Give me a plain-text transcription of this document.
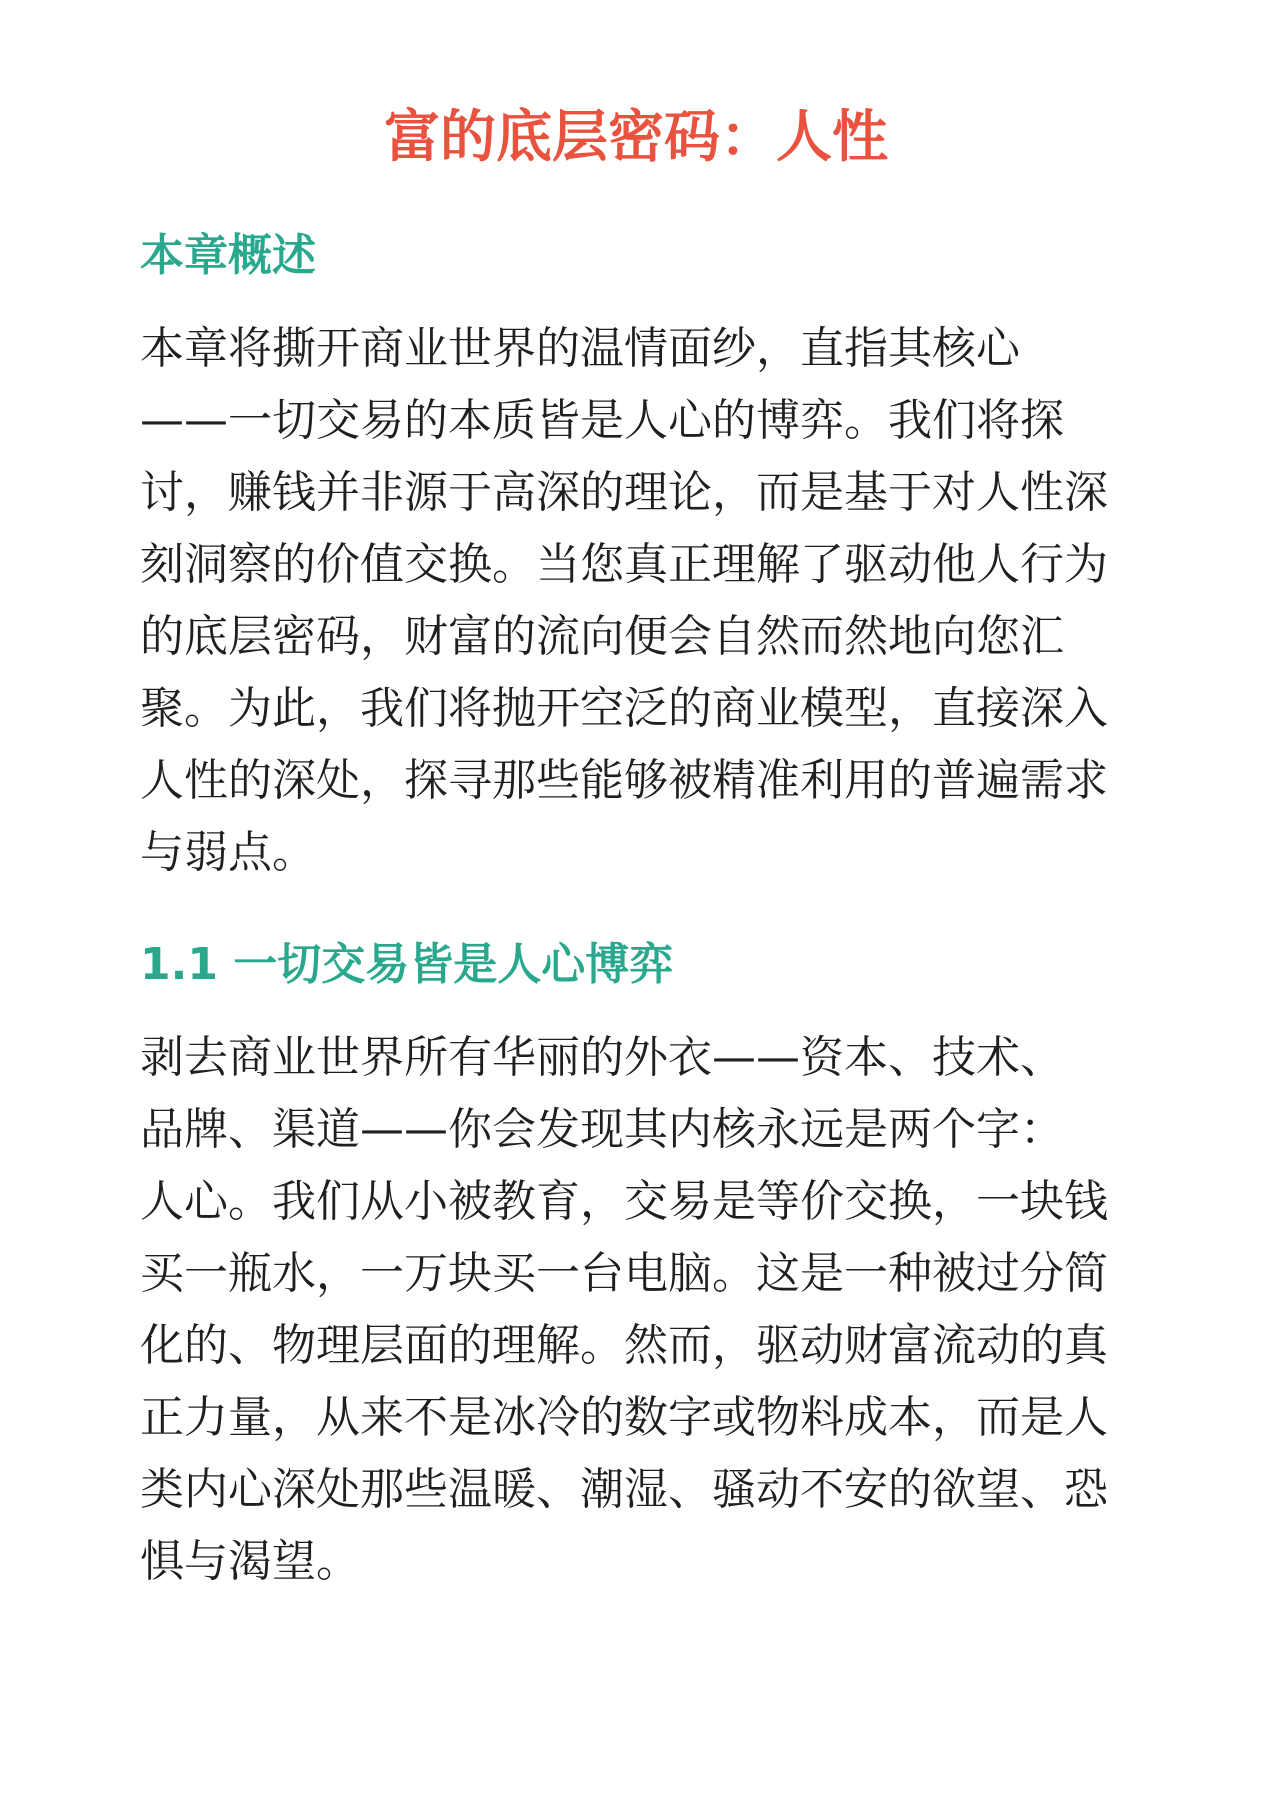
富的底层密码：人性
本章概述
本章将撕开商业世界的温情面纱，直指其核心
——一切交易的本质皆是人心的博弈。我们将探
讨，赚钱并非源于高深的理论，而是基于对人性深
刻洞察的价值交换。当您真正理解了驱动他人行为
的底层密码，财富的流向便会自然而然地向您汇
聚。为此，我们将抛开空泛的商业模型，直接深入
人性的深处，探寻那些能够被精准利用的普遍需求
与弱点。
1.1 一切交易皆是人心博弈
剥去商业世界所有华丽的外衣——资本、技术、
品牌、渠道——你会发现其内核永远是两个字：
人心。我们从小被教育，交易是等价交换，一块钱
买一瓶水，一万块买一台电脑。这是一种被过分简
化的、物理层面的理解。然而，驱动财富流动的真
正力量，从来不是冰冷的数字或物料成本，而是人
类内心深处那些温暖、潮湿、骚动不安的欲望、恐
惧与渴望。
